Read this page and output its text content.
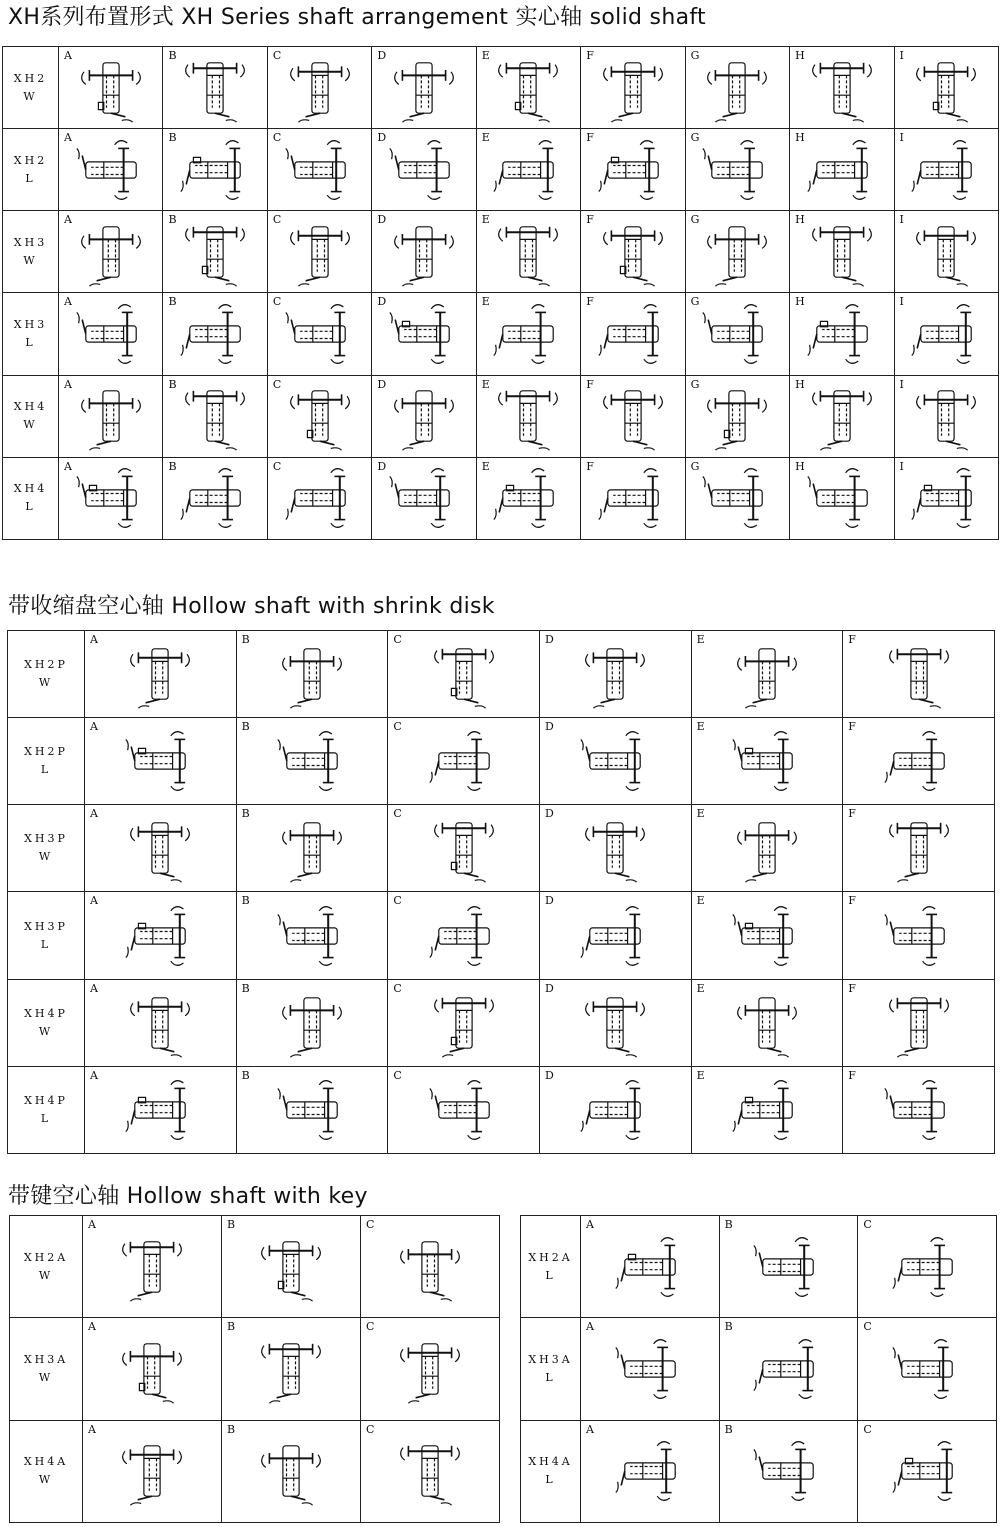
XH系列布置形式 XH Series shaft arrangement 实心轴 solid shaft
XH2
W	A	B	C	D	E	F	G	H	I

XH2
L	A	B	C	D	E	F	G	H	I

XH3
W	A	B	C	D	E	F	G	H	I

XH3
L	A	B	C	D	E	F	G	H	I

XH4
W	A	B	C	D	E	F	G	H	I

XH4
L	A	B	C	D	E	F	G	H	I
带收缩盘空心轴 Hollow shaft with shrink disk
XH2P
W	A	B	C	D	E	F

XH2P
L	A	B	C	D	E	F

XH3P
W	A	B	C	D	E	F

XH3P
L	A	B	C	D	E	F

XH4P
W	A	B	C	D	E	F

XH4P
L	A	B	C	D	E	F
带键空心轴 Hollow shaft with key
XH2A
W	A	B	C

XH3A
W	A	B	C

XH4A
W	A	B	C
XH2A
L	A	B	C

XH3A
L	A	B	C

XH4A
L	A	B	C
